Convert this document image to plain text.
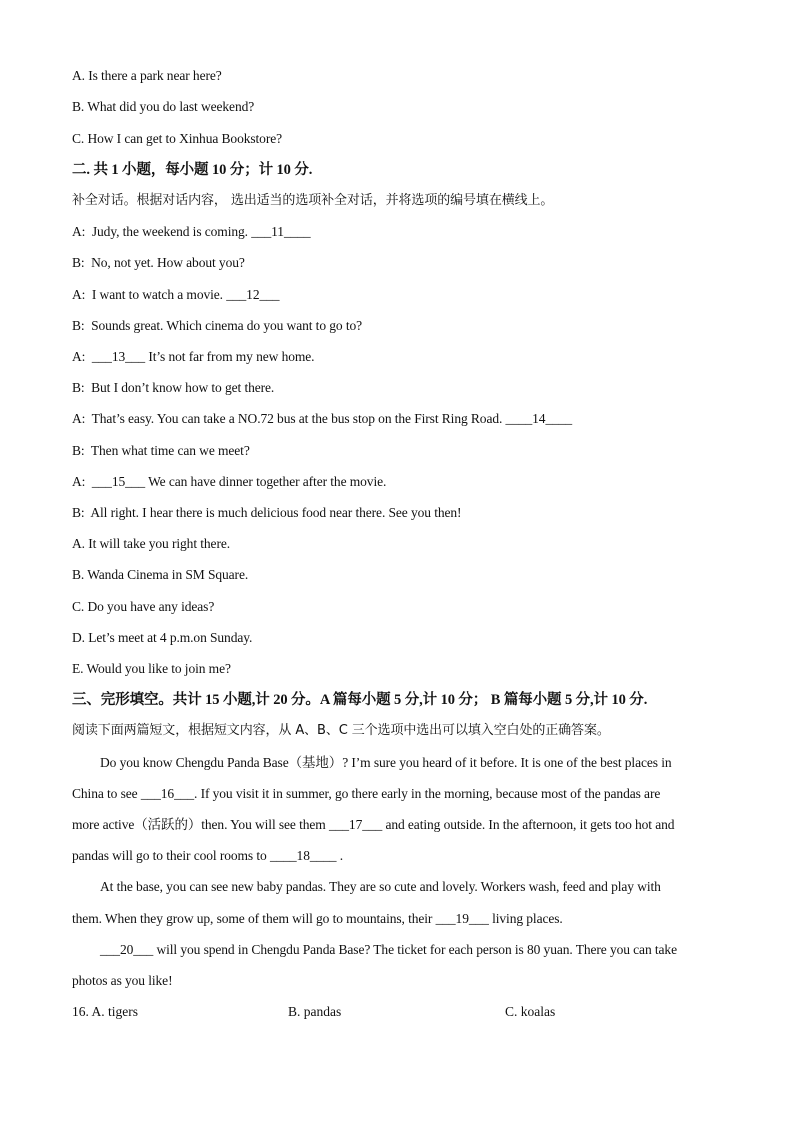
A. Is there a park near here?
B. What did you do last weekend?
C. How I can get to Xinhua Bookstore?
二. 共 1 小题，每小题 10 分；计 10 分.
补全对话。根据对话内容， 选出适当的选项补全对话，并将选项的编号填在横线上。
A: Judy, the weekend is coming. ___11____
B: No, not yet. How about you?
A: I want to watch a movie. ___12___
B: Sounds great. Which cinema do you want to go to?
A: ___13___ It’s not far from my new home.
B: But I don’t know how to get there.
A: That’s easy. You can take a NO.72 bus at the bus stop on the First Ring Road. ____14____
B: Then what time can we meet?
A: ___15___ We can have dinner together after the movie.
B: All right. I hear there is much delicious food near there. See you then!
A. It will take you right there.
B. Wanda Cinema in SM Square.
C. Do you have any ideas?
D. Let’s meet at 4 p.m.on Sunday.
E. Would you like to join me?
三、完形填空。共计 15 小题,计 20 分。A 篇每小题 5 分,计 10 分； B 篇每小题 5 分,计 10 分.
阅读下面两篇短文，根据短文内容，从 A、B、C 三个选项中选出可以填入空白处的正确答案。
Do you know Chengdu Panda Base（基地）? I’m sure you heard of it before. It is one of the best places in
China to see ___16___. If you visit it in summer, go there early in the morning, because most of the pandas are
more active（活跃的）then. You will see them ___17___ and eating outside. In the afternoon, it gets too hot and
pandas will go to their cool rooms to ____18____ .
At the base, you can see new baby pandas. They are so cute and lovely. Workers wash, feed and play with
them. When they grow up, some of them will go to mountains, their ___19___ living places.
___20___ will you spend in Chengdu Panda Base? The ticket for each person is 80 yuan. There you can take
photos as you like!
16. A. tigers	B. pandas	C. koalas
